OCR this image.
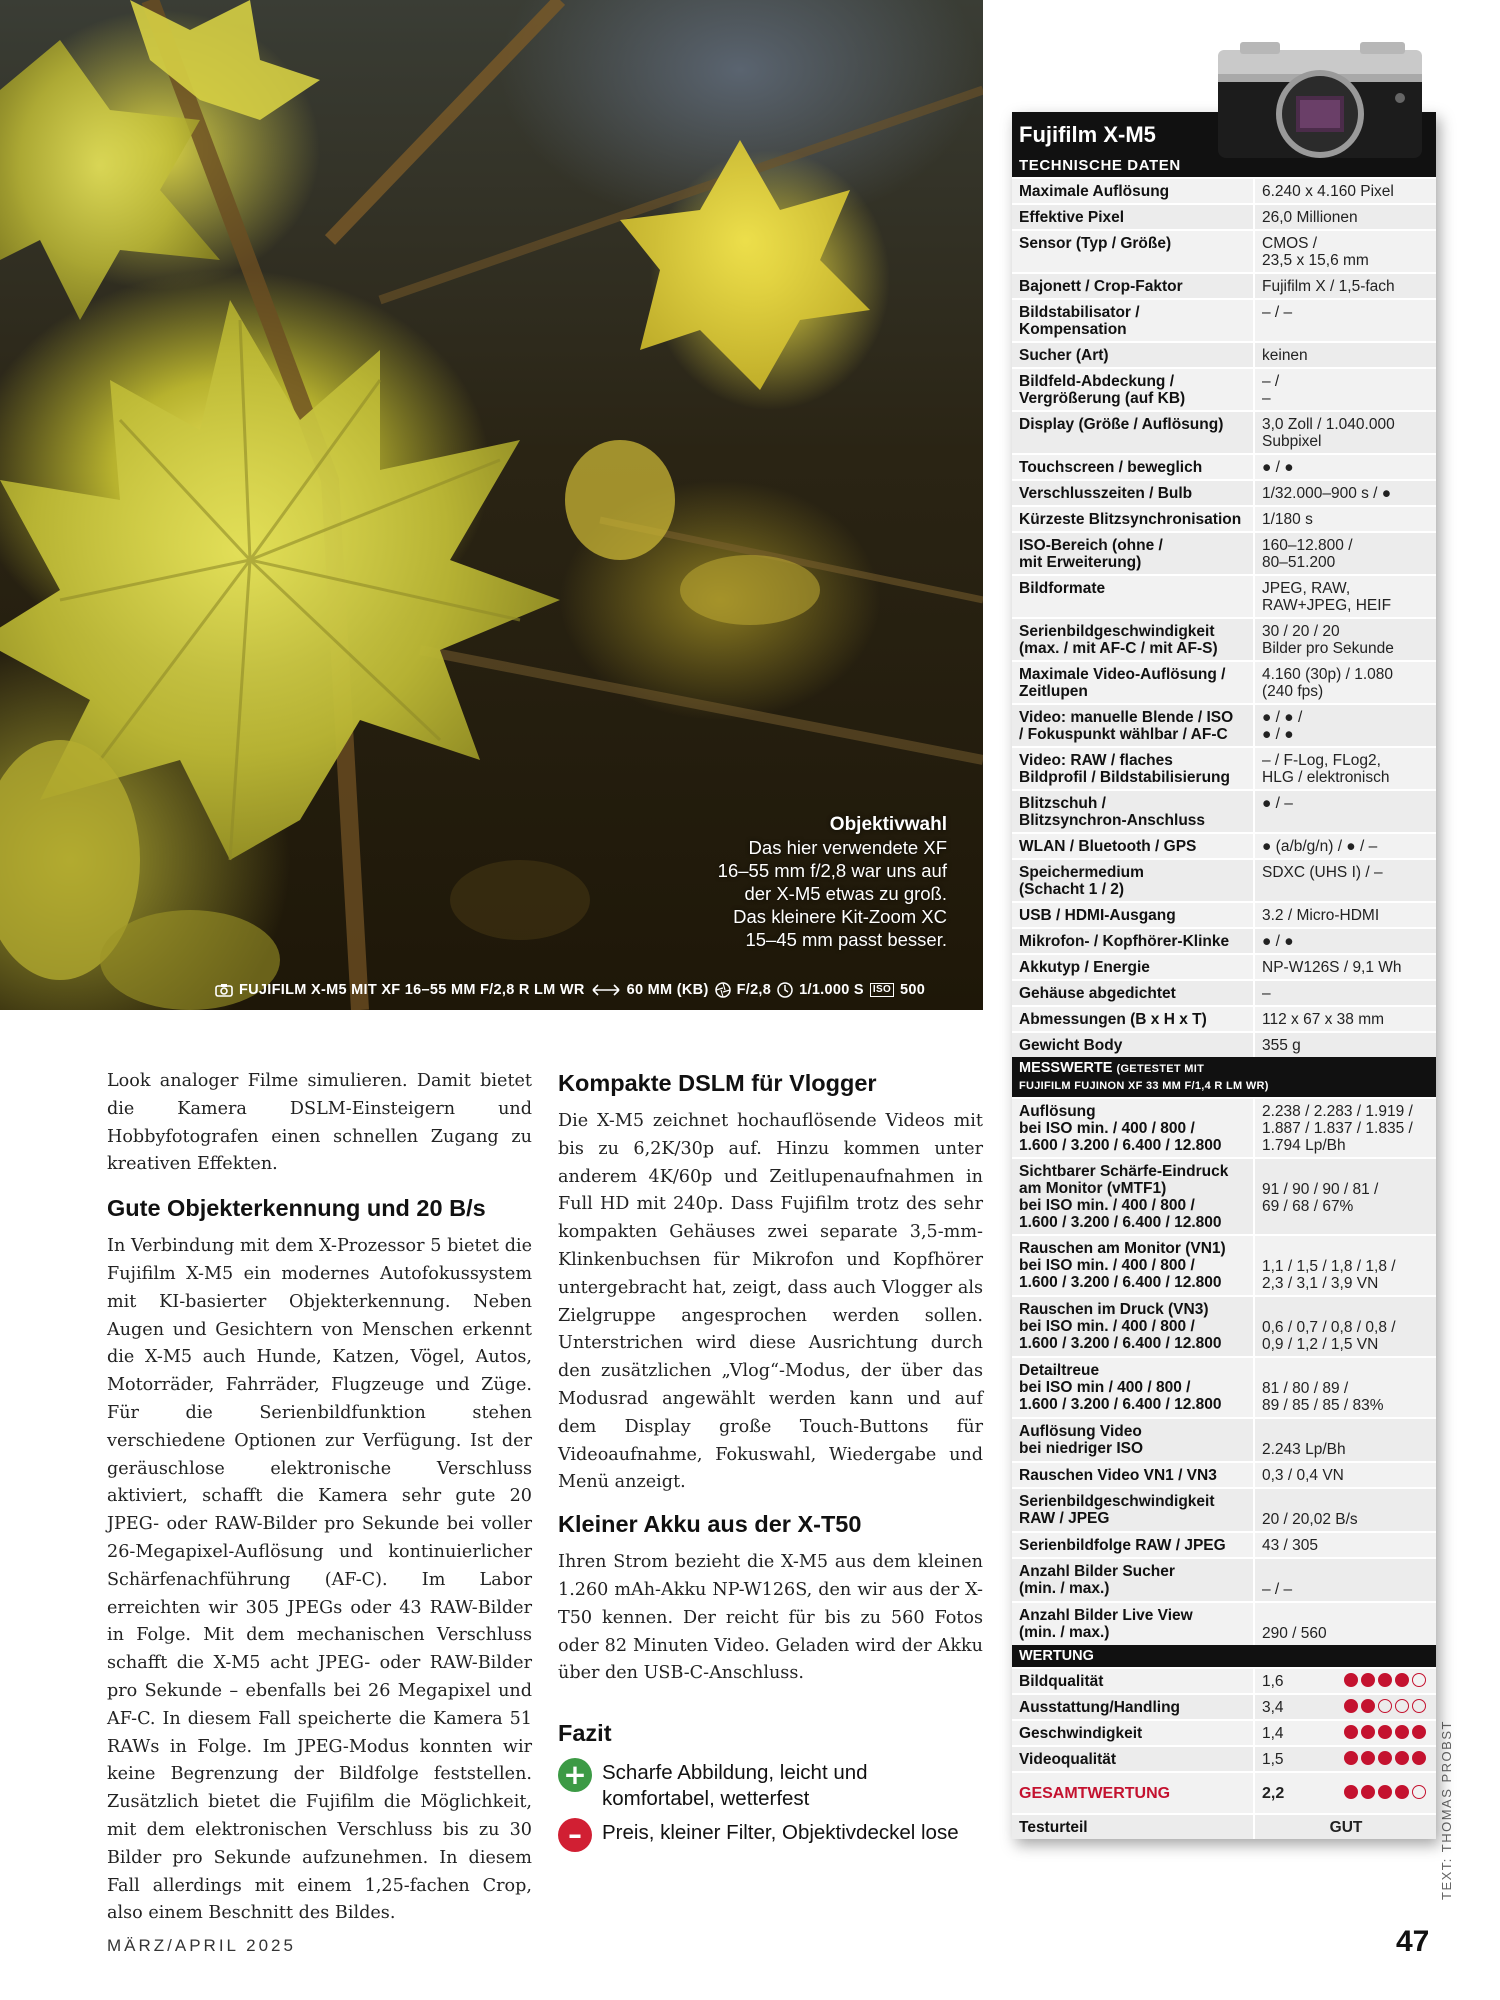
Objektivwahl
Das hier verwendete XF
16–55 mm f/2,8 war uns auf
der X-M5 etwas zu groß.
Das kleinere Kit-Zoom XC
15–45 mm passt besser.
FUJIFILM X-M5 MIT XF 16–55 MM F/2,8 R LM WR	60 MM (KB) F/2,8 1/1.000 S ISO 500

Look analoger Filme simulieren. Damit bietet die Kamera DSLM-Einsteigern und Hobbyfotografen einen schnellen Zugang zu kreativen Effekten.

Gute Objekterkennung und 20 B/s

In Verbindung mit dem X-Prozessor 5 bietet die Fujifilm X-M5 ein modernes Autofokussystem mit KI-basierter Objekterkennung. Neben Augen und Gesichtern von Menschen erkennt die X-M5 auch Hunde, Katzen, Vögel, Autos, Motorräder, Fahrräder, Flugzeuge und Züge. Für die Serienbildfunktion stehen verschiedene Optionen zur Verfügung. Ist der geräuschlose elektronische Verschluss aktiviert, schafft die Kamera sehr gute 20 JPEG- oder RAW-Bilder pro Sekunde bei voller 26-Megapixel-Auflösung und kontinuierlicher Schärfenachführung (AF-C). Im Labor erreichten wir 305 JPEGs oder 43 RAW-Bilder in Folge. Mit dem mechanischen Verschluss schafft die X-M5 acht JPEG- oder RAW-Bilder pro Sekunde – ebenfalls bei 26 Megapixel und AF-C. In diesem Fall speicherte die Kamera 51 RAWs in Folge. Im JPEG-Modus konnten wir keine Begrenzung der Bildfolge feststellen. Zusätzlich bietet die Fujifilm die Möglichkeit, mit dem elektronischen Verschluss bis zu 30 Bilder pro Sekunde aufzunehmen. In diesem Fall allerdings mit einem 1,25-fachen Crop, also einem Beschnitt des Bildes.

Kompakte DSLM für Vlogger

Die X-M5 zeichnet hochauflösende Videos mit bis zu 6,2K/30p auf. Hinzu kommen unter anderem 4K/60p und Zeitlupenaufnahmen in Full HD mit 240p. Dass Fujifilm trotz des sehr kompakten Gehäuses zwei separate 3,5-mm-Klinkenbuchsen für Mikrofon und Kopfhörer untergebracht hat, zeigt, dass auch Vlogger als Zielgruppe angesprochen werden sollen. Unterstrichen wird diese Ausrichtung durch den zusätzlichen „Vlog“-Modus, der über das Modusrad angewählt werden kann und auf dem Display große Touch-Buttons für Videoaufnahme, Fokuswahl, Wiedergabe und Menü anzeigt.

Kleiner Akku aus der X-T50

Ihren Strom bezieht die X-M5 aus dem kleinen 1.260 mAh-Akku NP-W126S, den wir aus der X-T50 kennen. Der reicht für bis zu 560 Fotos oder 82 Minuten Video. Geladen wird der Akku über den USB-C-Anschluss.

Fazit
+ Scharfe Abbildung, leicht und komfortabel, wetterfest
– Preis, kleiner Filter, Objektivdeckel lose
MÄRZ/APRIL 2025	47
TEXT: THOMAS PROBST
Fujifilm X-M5
TECHNISCHE DATEN
Maximale Auflösung	6.240 x 4.160 Pixel
Effektive Pixel	26,0 Millionen
Sensor (Typ / Größe)	CMOS /
23,5 x 15,6 mm
Bajonett / Crop-Faktor	Fujifilm X / 1,5-fach
Bildstabilisator /
Kompensation	– / –
Sucher (Art)	keinen
Bildfeld-Abdeckung /
Vergrößerung (auf KB)	– /
–
Display (Größe / Auflösung)	3,0 Zoll / 1.040.000
Subpixel
Touchscreen / beweglich	● / ●
Verschlusszeiten / Bulb	1/32.000–900 s / ●
Kürzeste Blitzsynchronisation	1/180 s
ISO-Bereich (ohne /
mit Erweiterung)	160–12.800 /
80–51.200
Bildformate	JPEG, RAW,
RAW+JPEG, HEIF
Serienbildgeschwindigkeit
(max. / mit AF-C / mit AF-S)	30 / 20 / 20
Bilder pro Sekunde
Maximale Video-Auflösung /
Zeitlupen	4.160 (30p) / 1.080
(240 fps)
Video: manuelle Blende / ISO
/ Fokuspunkt wählbar / AF-C	● / ● /
● / ●
Video: RAW / flaches
Bildprofil / Bildstabilisierung	– / F-Log, FLog2,
HLG / elektronisch
Blitzschuh /
Blitzsynchron-Anschluss	● / –
WLAN / Bluetooth / GPS	● (a/b/g/n) / ● / –
Speichermedium
(Schacht 1 / 2)	SDXC (UHS I) / –
USB / HDMI-Ausgang	3.2 / Micro-HDMI
Mikrofon- / Kopfhörer-Klinke	● / ●
Akkutyp / Energie	NP-W126S / 9,1 Wh
Gehäuse abgedichtet	–
Abmessungen (B x H x T)	112 x 67 x 38 mm
Gewicht Body	355 g
MESSWERTE (GETESTET MIT
FUJIFILM FUJINON XF 33 MM F/1,4 R LM WR)
Auflösung
bei ISO min. / 400 / 800 /
1.600 / 3.200 / 6.400 / 12.800	2.238 / 2.283 / 1.919 /
1.887 / 1.837 / 1.835 /
1.794 Lp/Bh
Sichtbarer Schärfe-Eindruck
am Monitor (vMTF1)
bei ISO min. / 400 / 800 /
1.600 / 3.200 / 6.400 / 12.800	91 / 90 / 90 / 81 /
69 / 68 / 67%
Rauschen am Monitor (VN1)
bei ISO min. / 400 / 800 /
1.600 / 3.200 / 6.400 / 12.800	1,1 / 1,5 / 1,8 / 1,8 /
2,3 / 3,1 / 3,9 VN
Rauschen im Druck (VN3)
bei ISO min. / 400 / 800 /
1.600 / 3.200 / 6.400 / 12.800	0,6 / 0,7 / 0,8 / 0,8 /
0,9 / 1,2 / 1,5 VN
Detailtreue
bei ISO min / 400 / 800 /
1.600 / 3.200 / 6.400 / 12.800	81 / 80 / 89 /
89 / 85 / 85 / 83%
Auflösung Video
bei niedriger ISO	2.243 Lp/Bh
Rauschen Video VN1 / VN3	0,3 / 0,4 VN
Serienbildgeschwindigkeit
RAW / JPEG	20 / 20,02 B/s
Serienbildfolge RAW / JPEG	43 / 305
Anzahl Bilder Sucher
(min. / max.)	– / –
Anzahl Bilder Live View
(min. / max.)	290 / 560
WERTUNG
Bildqualität	1,6

Ausstattung/Handling	3,4

Geschwindigkeit	1,4

Videoqualität	1,5

GESAMTWERTUNG	2,2

Testurteil	GUT
